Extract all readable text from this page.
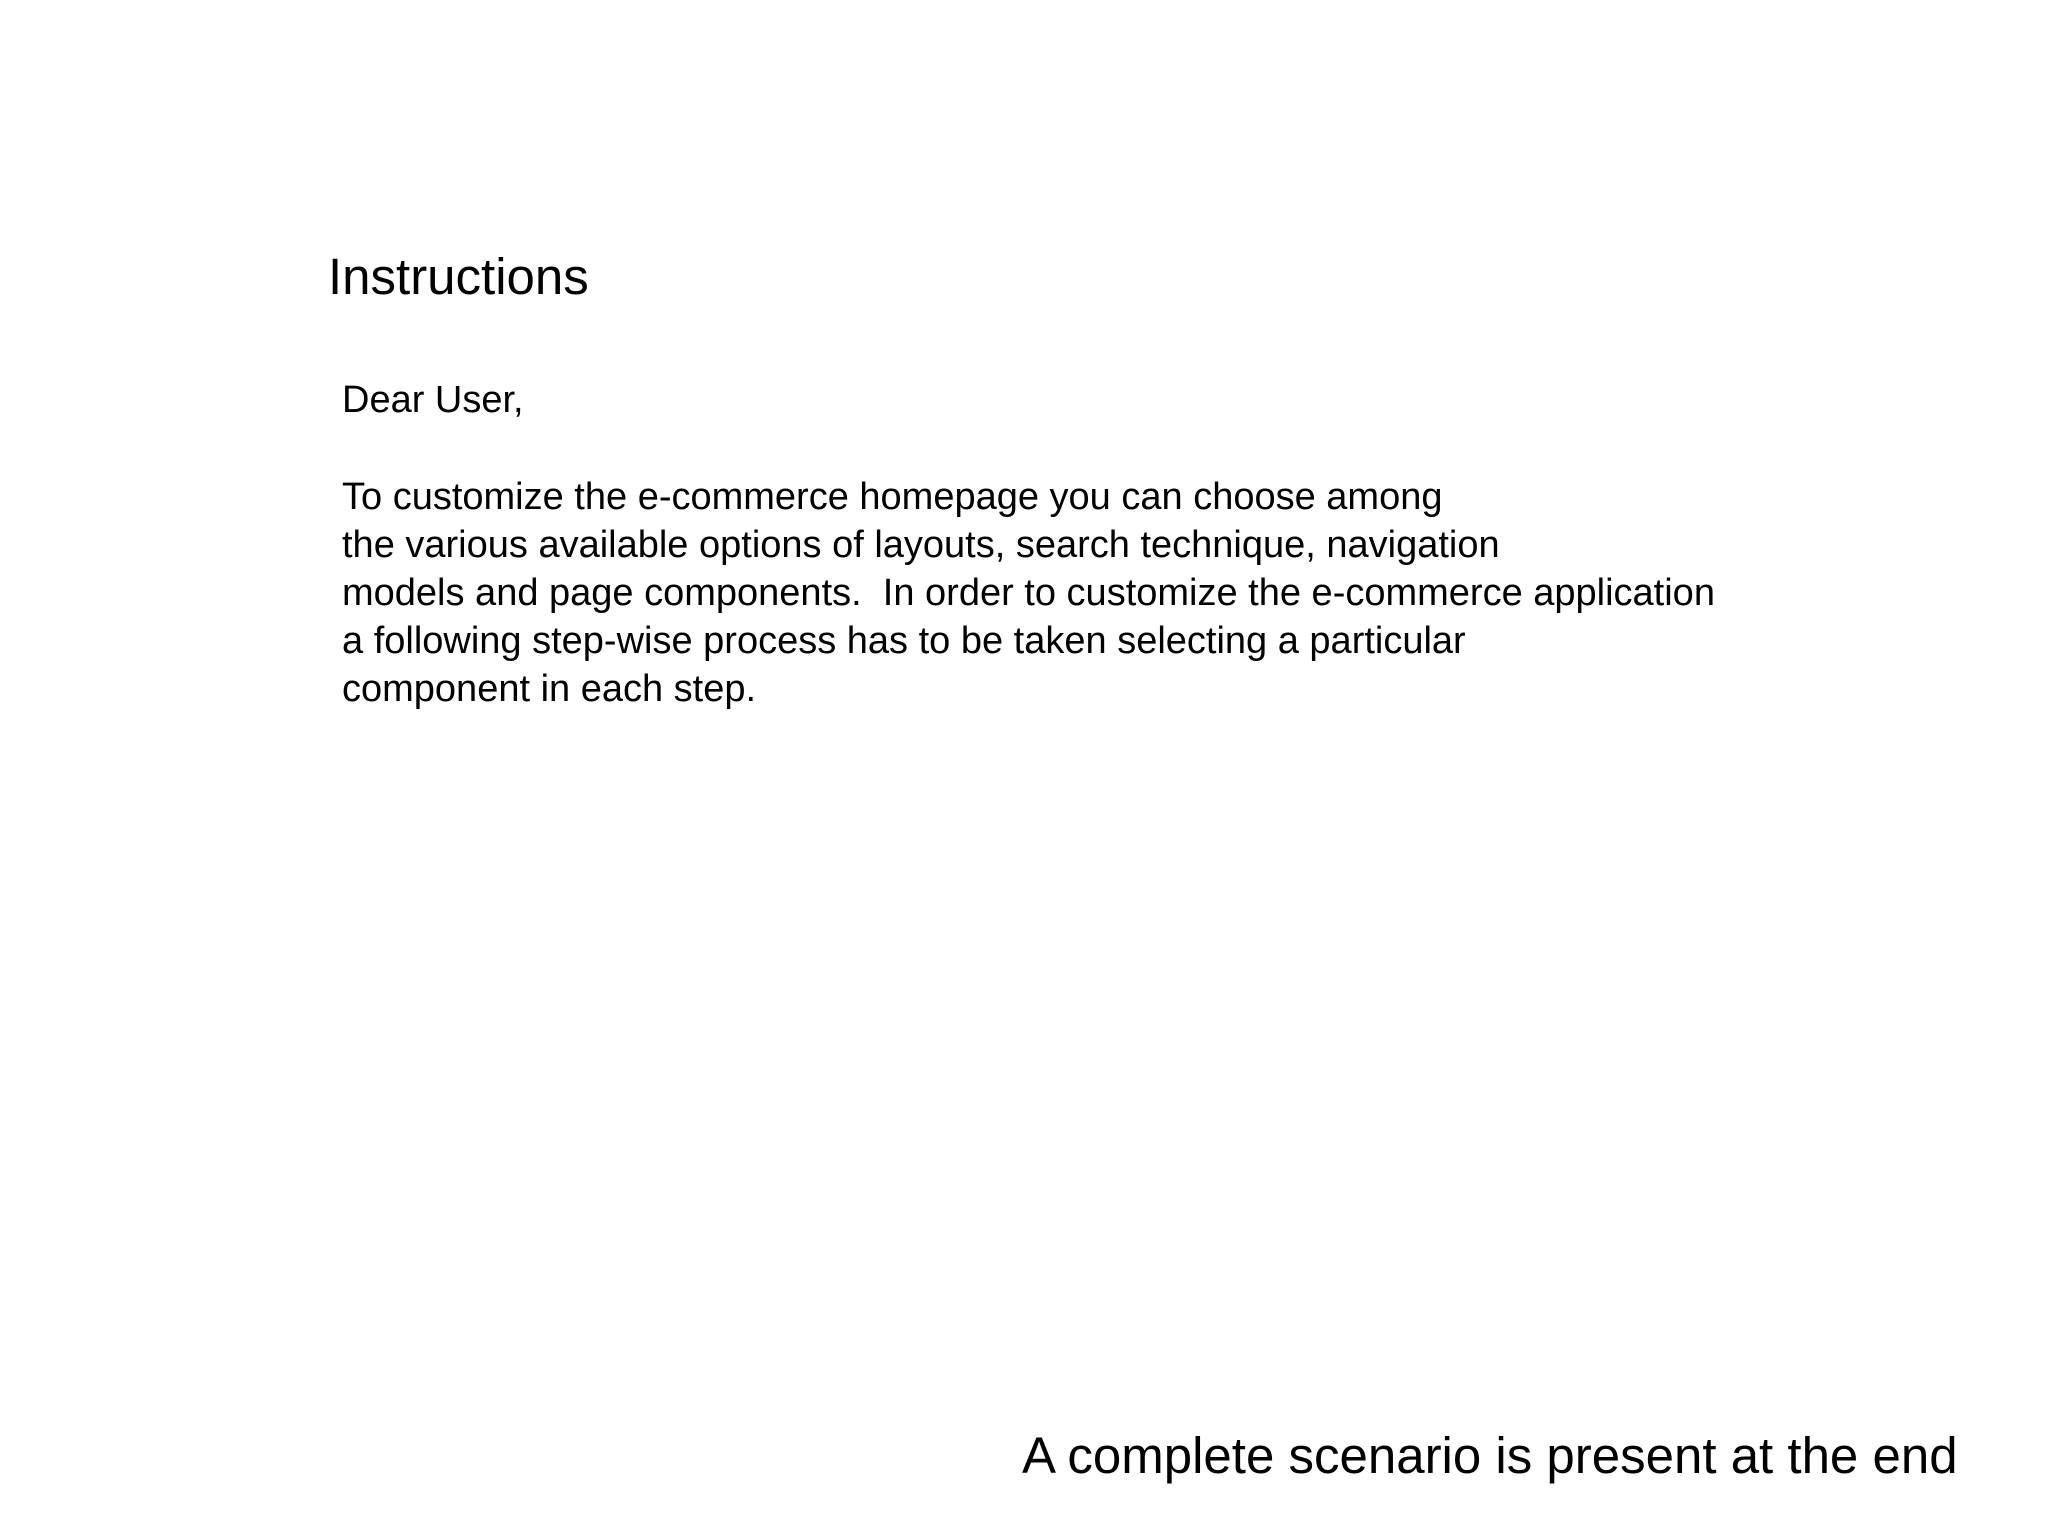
Instructions

Dear User,

To customize the e-commerce homepage you can choose among
the various available options of layouts, search technique, navigation
models and page components.  In order to customize the e-commerce application
a following step-wise process has to be taken selecting a particular
component in each step.

A complete scenario is present at the end
